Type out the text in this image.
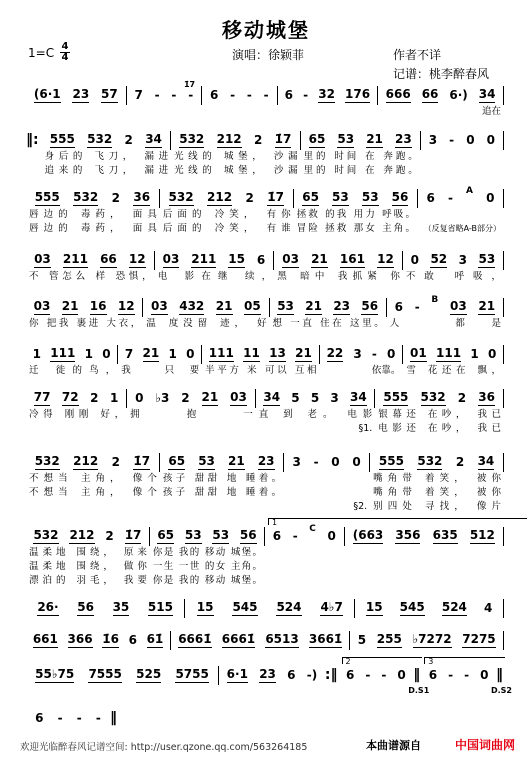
移动城堡
1=C 4
4	演唱：徐颖菲	作者不详
记谱：桃李醉春风
(6·1 23 57 7 - - -
1̇7
6 - - - 6 - 32 176 666 66 6·) 34
追在
‖: 555 532 2 34
身后的 飞刀， 漏进
追来的 飞刀， 漏进
532 212 2 1̇7
光线的 城堡， 沙漏
光线的 城堡， 沙漏
65 53 21 23
里的 时间 在 奔跑。
里的 时间 在 奔跑。
3 - 0 0
555 532 2 36
唇边的 毒药， 面具
唇边的 毒药， 面具
532 212 2 1̇7
后面的 冷笑， 有你
后面的 冷笑， 有谁
65 53 53 56
拯救 的我 用力 呼吸。
冒险 拯救 那女 主角。
6 - A 0
（反复省略A-B部分）
03 211 66 12
不 管怎么 样 恐惧，
03 211 15 6
电 影在继 续，
03 21 161 12
黑 暗中 我抓紧 你
0 52 3 53
不敢 呼吸，
03 21 16 12
你 把我 裹进 大衣，
03 432 21 05
温 度没留 迹， 好
53 21 23 56
想 一直 住在 这里。
6 - B 03 21
人 都是
1 111 1 0
迁 徙的鸟，
7 21 1 0
我 只要
111 11 13 21
半平方 米 可以 互相
22 3 - 0
依靠。
01 111 1 0
雪 花还在 飘，
77 72 2 1
冷得 刚刚 好，
0 ♭3 2 21 03
拥 抱 一
34 5 5 3 34
直 到 老。 电影
§1.
555 532 2 36
银幕还 在吵， 我已
电影还 在吵， 我已
532 212 2 1̇7
不想当 主角， 像个
不想当 主角， 像个
65 53 21 23
孩子 甜甜 地 睡着。
孩子 甜甜 地 睡着。
3 - 0 0
§2.
555 532 2 34
嘴角带 着笑， 被你
嘴角带 着笑， 被你
别四处 寻找， 像片
532 212 2 1̇7
温柔地 围绕， 原来
温柔地 围绕， 做你
漂泊的 羽毛， 我要
65 53 53 56
你是 我的 移动 城堡。
一生 一世 的女 主角。
你是 我的 移动 城堡。
6 - C 0
1
(663 356 635 512
26· 56 35 515 15 545 524 4♭7 15 545 524 4
661 366 1̇6 6 61̇ 6661̇ 6661̇ 6513 3661̇ 5 255 ♭7272 7275
55♭75 7555 525 5755 6·1 23 6 -) :‖ 6 - - 0 ‖
2
D.S1
6 - - 0 ‖
3
D.S2
6 - - - ‖
欢迎光临醉春风记谱空间: http://user.qzone.qq.com/563264185	本曲谱源自	中国词曲网
